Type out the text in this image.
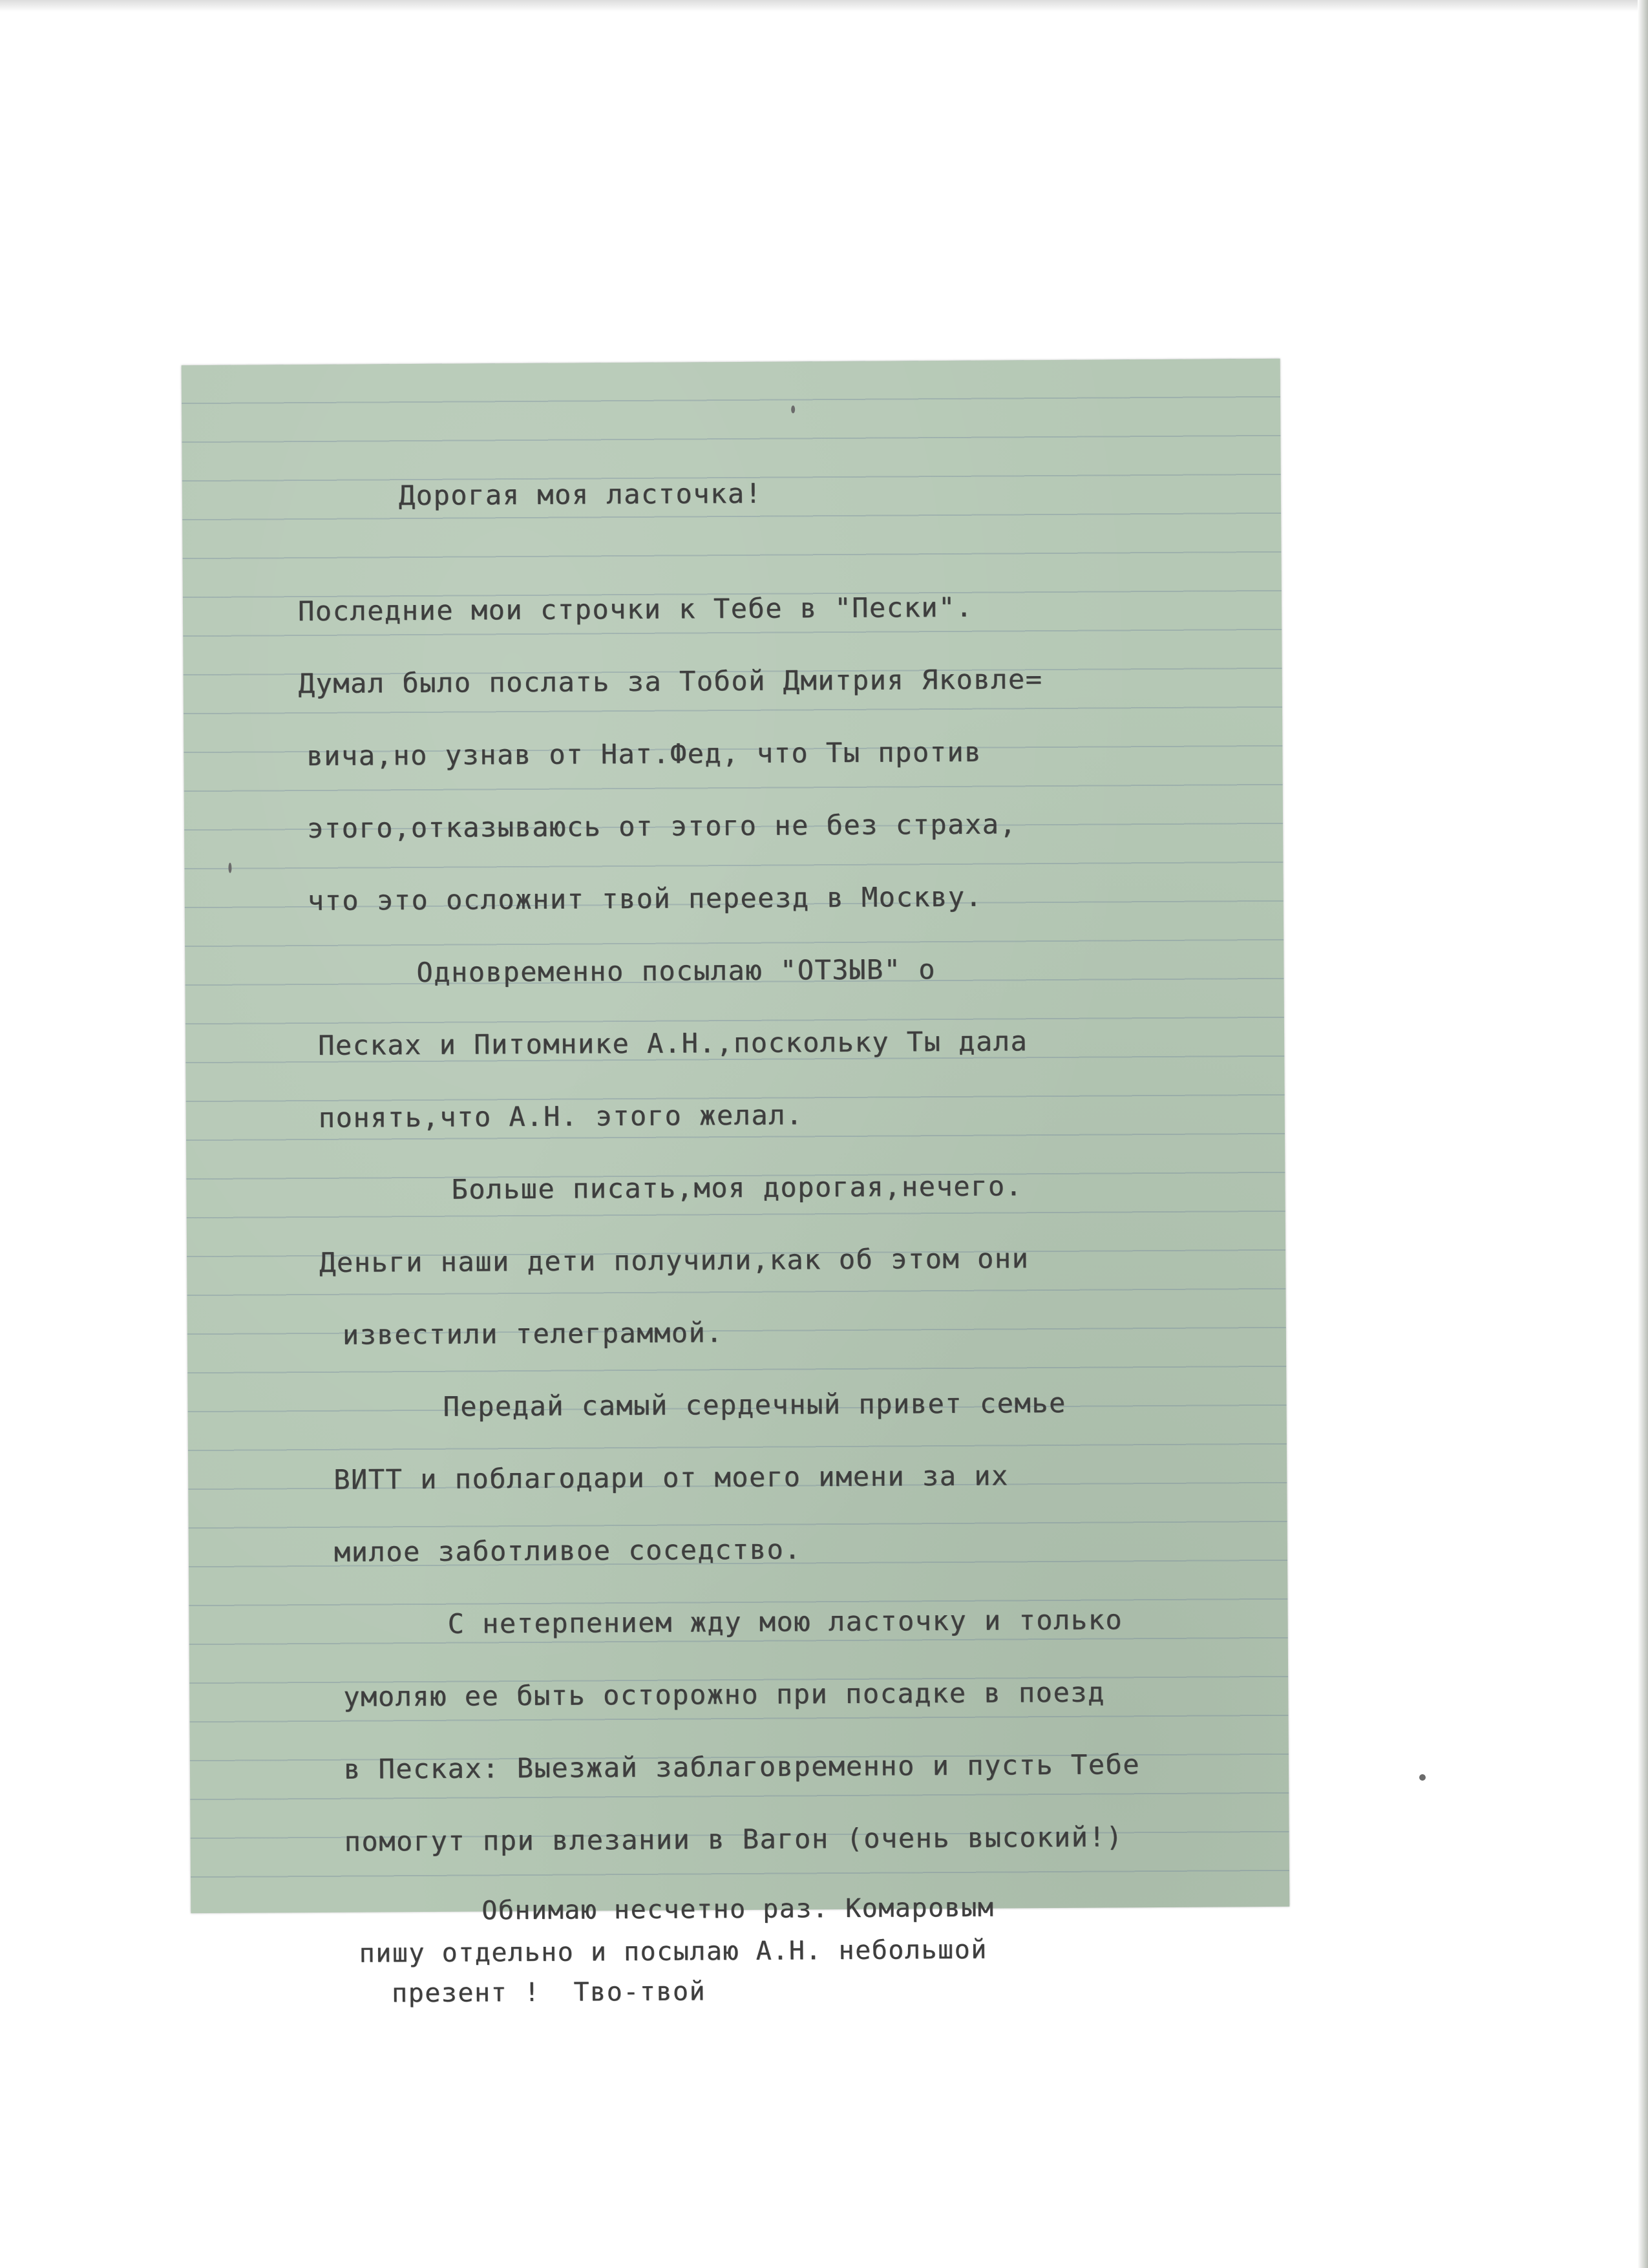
Дорогая моя ласточка!

Последние мои строчки к Тебе в "Пески".

Думал было послать за Тобой Дмитрия Яковле=

вича,но узнав от Нат.Фед, что Ты против

этого,отказываюсь от этого не без страха,

что это осложнит твой переезд в Москву.

Одновременно посылаю "ОТЗЫВ" о

Песках и Питомнике А.Н.,поскольку Ты дала

понять,что А.Н. этого желал.

Больше писать,моя дорогая,нечего.

Деньги наши дети получили,как об этом они

известили телеграммой.

Передай самый сердечный привет семье

ВИТТ и поблагодари от моего имени за их

милое заботливое соседство.

С нетерпением жду мою ласточку и только

умоляю ее быть осторожно при посадке в поезд

в Песках: Выезжай заблаговременно и пусть Тебе

помогут при влезании в Вагон (очень высокий!)

Обнимаю несчетно раз. Комаровым

пишу отдельно и посылаю А.Н. небольшой

презент !  Тво-твой
